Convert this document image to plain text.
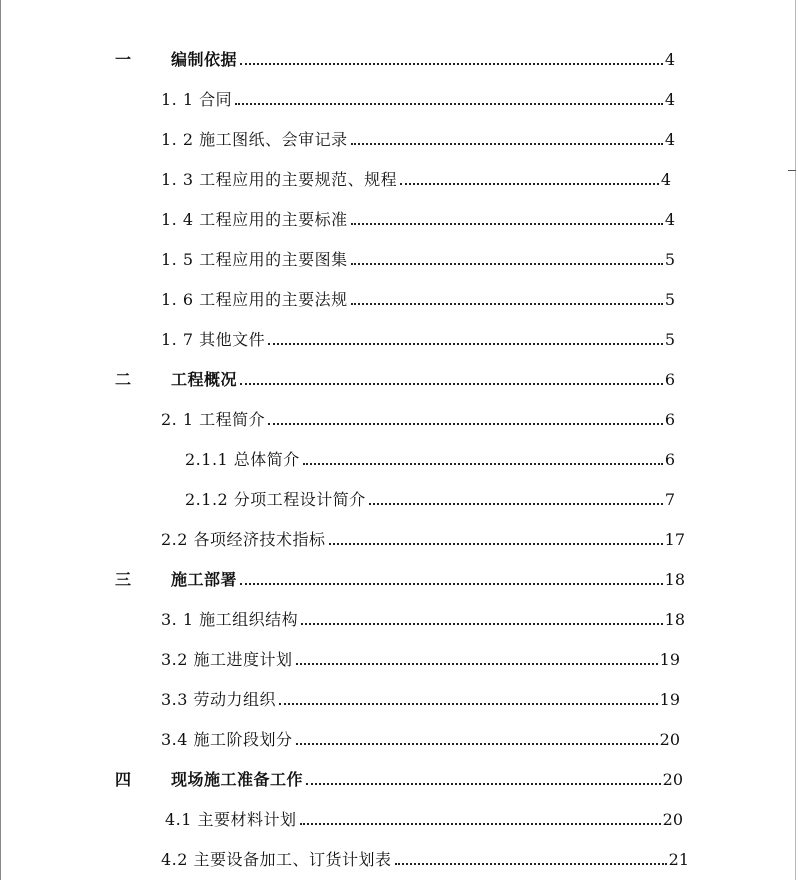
一	编制依据	4
1. 1 合同	4
1. 2 施工图纸、会审记录	4
1. 3 工程应用的主要规范、规程	4
1. 4 工程应用的主要标准	4
1. 5 工程应用的主要图集	5
1. 6 工程应用的主要法规	5
1. 7 其他文件	5
二	工程概况	6
2. 1 工程简介	6
2.1.1 总体简介	6
2.1.2 分项工程设计简介	7
2.2 各项经济技术指标	17
三	施工部署	18
3. 1 施工组织结构	18
3.2 施工进度计划	19
3.3 劳动力组织	19
3.4 施工阶段划分	20
四	现场施工准备工作	20
4.1 主要材料计划	20
4.2 主要设备加工、订货计划表	21
